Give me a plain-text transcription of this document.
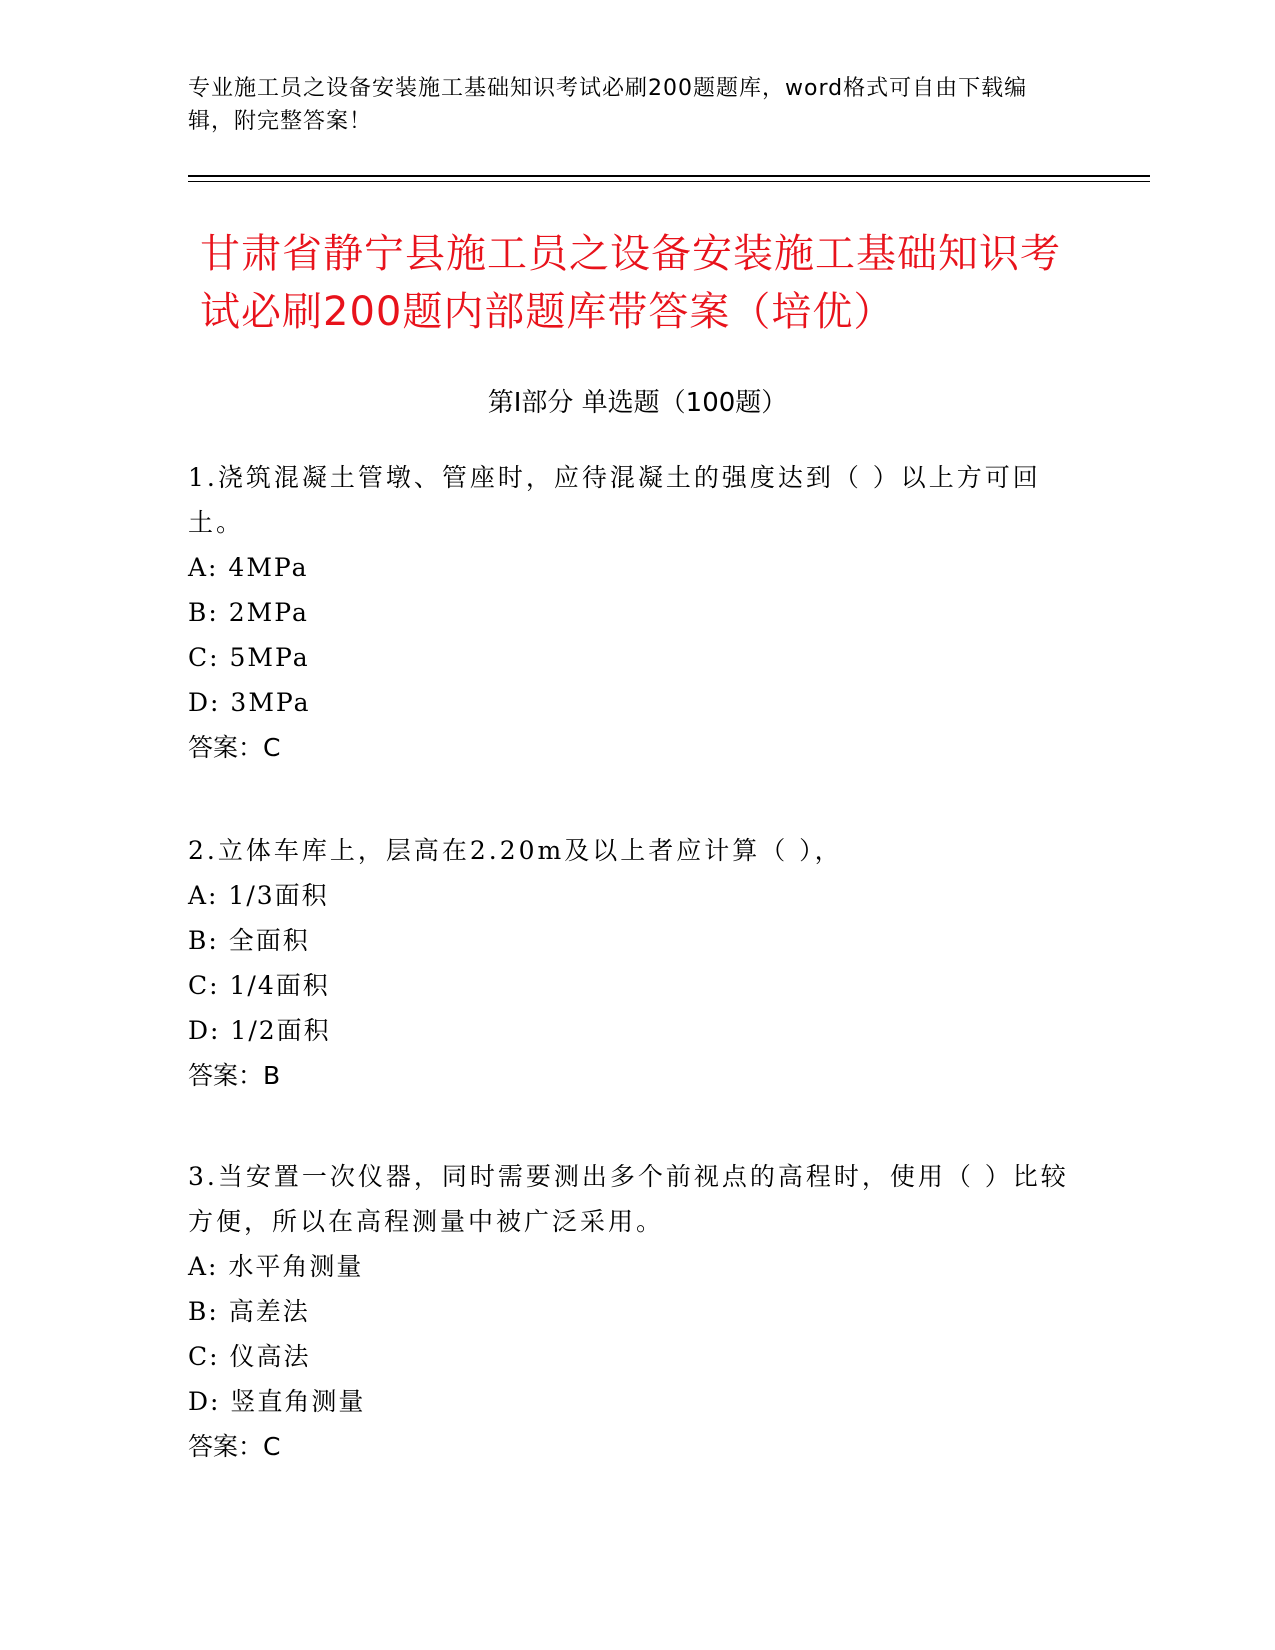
专业施工员之设备安装施工基础知识考试必刷200题题库，word格式可自由下载编辑，附完整答案！
甘肃省静宁县施工员之设备安装施工基础知识考试必刷200题内部题库带答案（培优）
第Ⅰ部分 单选题（100题）
1.浇筑混凝土管墩、管座时，应待混凝土的强度达到（ ）以上方可回土。
A: 4MPa
B: 2MPa
C: 5MPa
D: 3MPa
答案：C
2.立体车库上，层高在2.20m及以上者应计算（ ），
A: 1/3面积
B: 全面积
C: 1/4面积
D: 1/2面积
答案：B
3.当安置一次仪器，同时需要测出多个前视点的高程时，使用（ ）比较方便，所以在高程测量中被广泛采用。
A: 水平角测量
B: 高差法
C: 仪高法
D: 竖直角测量
答案：C
